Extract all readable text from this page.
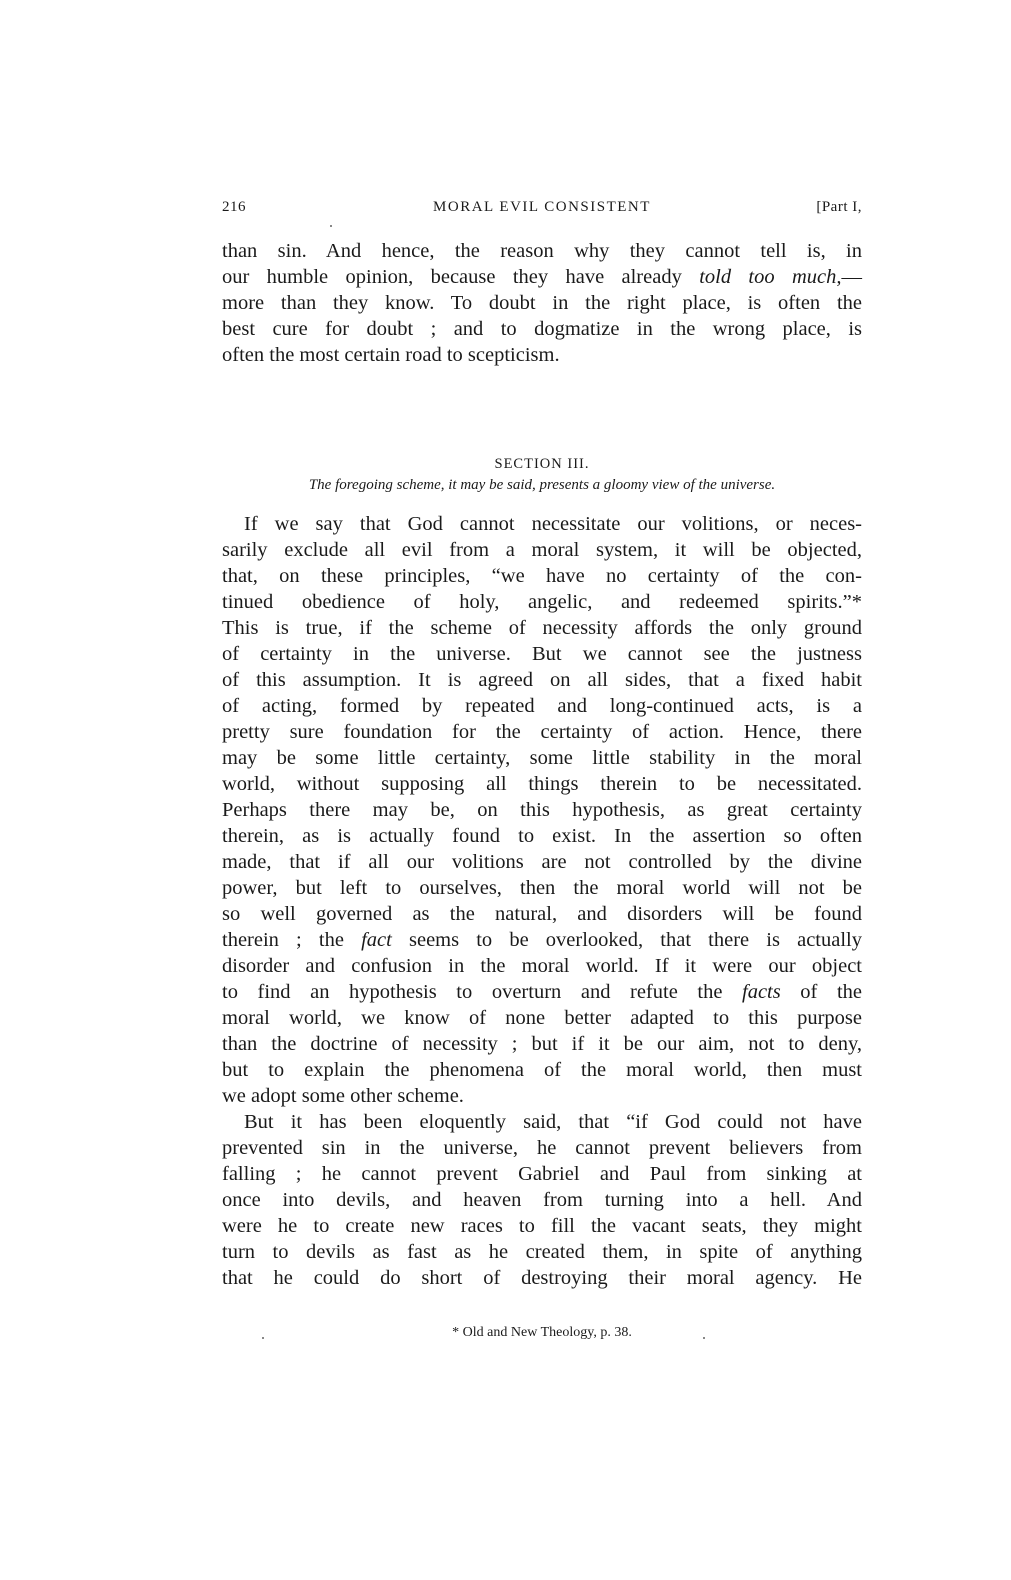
216	MORAL EVIL CONSISTENT	[Part I,
than sin. And hence, the reason why they cannot tell is, in
our humble opinion, because they have already told too much,—
more than they know. To doubt in the right place, is often the
best cure for doubt ; and to dogmatize in the wrong place, is
often the most certain road to scepticism.
SECTION III.
The foregoing scheme, it may be said, presents a gloomy view of the universe.
If we say that God cannot necessitate our volitions, or neces-
sarily exclude all evil from a moral system, it will be objected,
that, on these principles, “we have no certainty of the con-
tinued obedience of holy, angelic, and redeemed spirits.”*
This is true, if the scheme of necessity affords the only ground
of certainty in the universe. But we cannot see the justness
of this assumption. It is agreed on all sides, that a fixed habit
of acting, formed by repeated and long-continued acts, is a
pretty sure foundation for the certainty of action. Hence, there
may be some little certainty, some little stability in the moral
world, without supposing all things therein to be necessitated.
Perhaps there may be, on this hypothesis, as great certainty
therein, as is actually found to exist. In the assertion so often
made, that if all our volitions are not controlled by the divine
power, but left to ourselves, then the moral world will not be
so well governed as the natural, and disorders will be found
therein ; the fact seems to be overlooked, that there is actually
disorder and confusion in the moral world. If it were our object
to find an hypothesis to overturn and refute the facts of the
moral world, we know of none better adapted to this purpose
than the doctrine of necessity ; but if it be our aim, not to deny,
but to explain the phenomena of the moral world, then must
we adopt some other scheme.
But it has been eloquently said, that “if God could not have
prevented sin in the universe, he cannot prevent believers from
falling ; he cannot prevent Gabriel and Paul from sinking at
once into devils, and heaven from turning into a hell. And
were he to create new races to fill the vacant seats, they might
turn to devils as fast as he created them, in spite of anything
that he could do short of destroying their moral agency. He
* Old and New Theology, p. 38.
